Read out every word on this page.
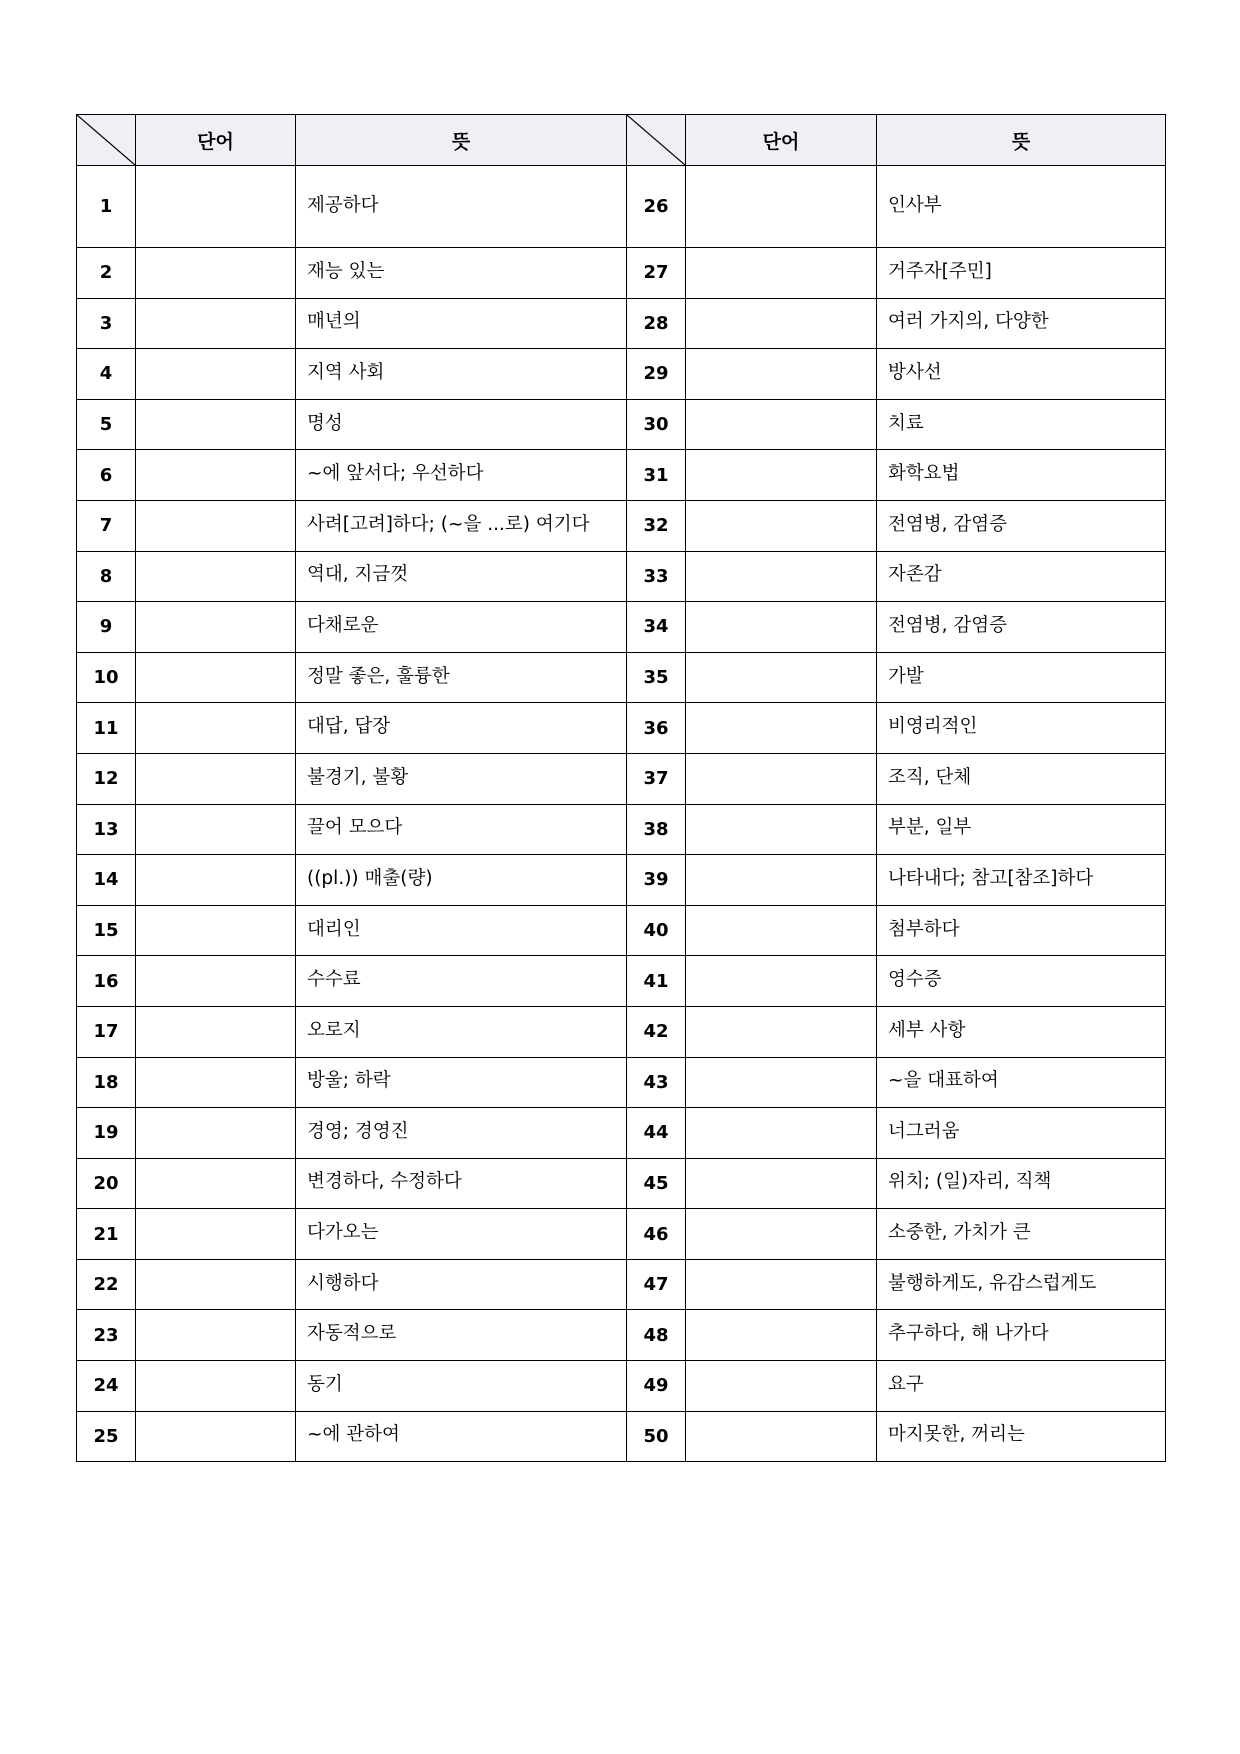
	단어	뜻		단어	뜻
1		제공하다	26		인사부
2		재능 있는	27		거주자[주민]
3		매년의	28		여러 가지의, 다양한
4		지역 사회	29		방사선
5		명성	30		치료
6		~에 앞서다; 우선하다	31		화학요법
7		사려[고려]하다; (~을 ...로) 여기다	32		전염병, 감염증
8		역대, 지금껏	33		자존감
9		다채로운	34		전염병, 감염증
10		정말 좋은, 훌륭한	35		가발
11		대답, 답장	36		비영리적인
12		불경기, 불황	37		조직, 단체
13		끌어 모으다	38		부분, 일부
14		((pl.)) 매출(량)	39		나타내다; 참고[참조]하다
15		대리인	40		첨부하다
16		수수료	41		영수증
17		오로지	42		세부 사항
18		방울; 하락	43		~을 대표하여
19		경영; 경영진	44		너그러움
20		변경하다, 수정하다	45		위치; (일)자리, 직책
21		다가오는	46		소중한, 가치가 큰
22		시행하다	47		불행하게도, 유감스럽게도
23		자동적으로	48		추구하다, 해 나가다
24		동기	49		요구
25		~에 관하여	50		마지못한, 꺼리는
